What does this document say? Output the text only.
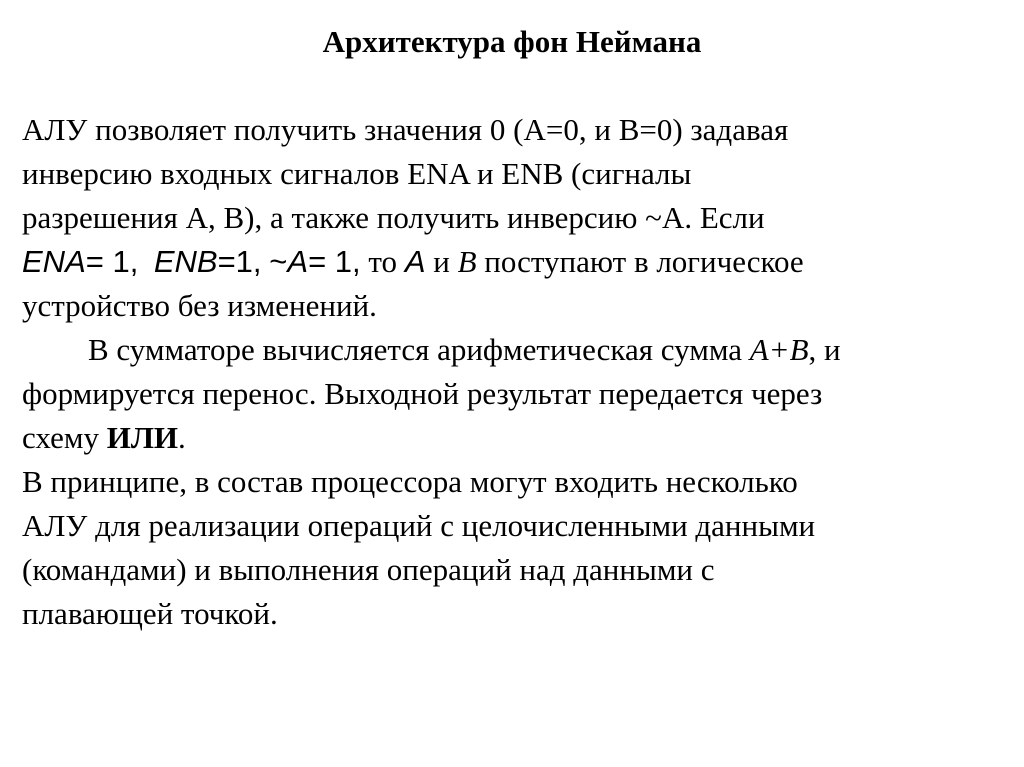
Архитектура фон Неймана
АЛУ позволяет получить значения 0 (A=0, и B=0) задавая
инверсию входных сигналов ENA и ENB (сигналы
разрешения А, В), а также получить инверсию ~A. Если
ENA= 1, ENB=1, ~A= 1, то A и B поступают в логическое
устройство без изменений.
В сумматоре вычисляется арифметическая сумма A+B, и
формируется перенос. Выходной результат передается через
схему ИЛИ.
В принципе, в состав процессора могут входить несколько
АЛУ для реализации операций с целочисленными данными
(командами) и выполнения операций над данными с
плавающей точкой.
